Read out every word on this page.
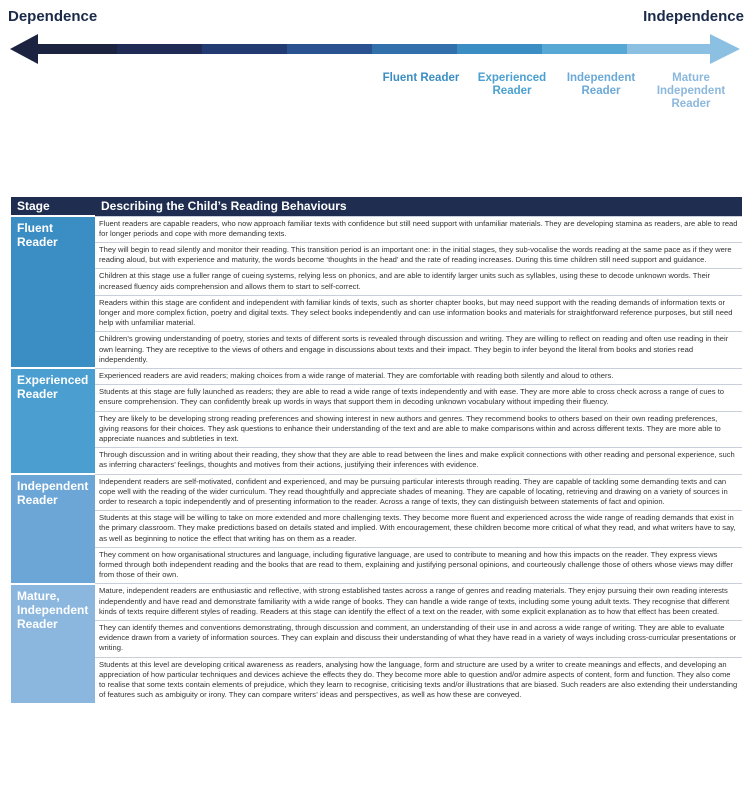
Dependence	Independence
Fluent Reader	Experienced Reader
Independent Reader
Mature Independent Reader
Stage	Describing the Child’s Reading Behaviours
Fluent Reader	Fluent readers are capable readers, who now approach familiar texts with confidence but still need support with unfamiliar materials. They are developing stamina as readers, are able to read for longer periods and cope with more demanding texts.

They will begin to read silently and monitor their reading. This transition period is an important one: in the initial stages, they sub-vocalise the words reading at the same pace as if they were reading aloud, but with experience and maturity, the words become ‘thoughts in the head’ and the rate of reading increases. During this time children still need support and guidance.

Children at this stage use a fuller range of cueing systems, relying less on phonics, and are able to identify larger units such as syllables, using these to decode unknown words. Their increased fluency aids comprehension and allows them to start to self-correct.

Readers within this stage are confident and independent with familiar kinds of texts, such as shorter chapter books, but may need support with the reading demands of information texts or longer and more complex fiction, poetry and digital texts. They select books independently and can use information books and materials for straightforward reference purposes, but still need help with unfamiliar material.

Children’s growing understanding of poetry, stories and texts of different sorts is revealed through discussion and writing. They are willing to reflect on reading and often use reading in their own learning. They are receptive to the views of others and engage in discussions about texts and their impact. They begin to infer beyond the literal from books and stories read independently.

Experienced Reader	Experienced readers are avid readers; making choices from a wide range of material. They are comfortable with reading both silently and aloud to others.

Students at this stage are fully launched as readers; they are able to read a wide range of texts independently and with ease. They are more able to cross check across a range of cues to ensure comprehension. They can confidently break up words in ways that support them in decoding unknown vocabulary without impeding their fluency.

They are likely to be developing strong reading preferences and showing interest in new authors and genres. They recommend books to others based on their own reading preferences, giving reasons for their choices. They ask questions to enhance their understanding of the text and are able to make comparisons within and across different texts. They are more able to appreciate nuances and subtleties in text.

Through discussion and in writing about their reading, they show that they are able to read between the lines and make explicit connections with other reading and personal experience, such as inferring characters’ feelings, thoughts and motives from their actions, justifying their inferences with evidence.

Independent Reader	Independent readers are self-motivated, confident and experienced, and may be pursuing particular interests through reading. They are capable of tackling some demanding texts and can cope well with the reading of the wider curriculum. They read thoughtfully and appreciate shades of meaning. They are capable of locating, retrieving and drawing on a variety of sources in order to research a topic independently and of presenting information to the reader. Across a range of texts, they can distinguish between statements of fact and opinion.

Students at this stage will be willing to take on more extended and more challenging texts. They become more fluent and experienced across the wide range of reading demands that exist in the primary classroom. They make predictions based on details stated and implied. With encouragement, these children become more critical of what they read, and what writers have to say, as well as beginning to notice the effect that writing has on them as a reader.

They comment on how organisational structures and language, including figurative language, are used to contribute to meaning and how this impacts on the reader. They express views formed through both independent reading and the books that are read to them, explaining and justifying personal opinions, and courteously challenge those of others whose views may differ from those of their own.

Mature, Independent Reader	Mature, independent readers are enthusiastic and reflective, with strong established tastes across a range of genres and reading materials. They enjoy pursuing their own reading interests independently and have read and demonstrate familiarity with a wide range of books. They can handle a wide range of texts, including some young adult texts. They recognise that different kinds of texts require different styles of reading. Readers at this stage can identify the effect of a text on the reader, with some explicit explanation as to how that effect has been created.

They can identify themes and conventions demonstrating, through discussion and comment, an understanding of their use in and across a wide range of writing. They are able to evaluate evidence drawn from a variety of information sources. They can explain and discuss their understanding of what they have read in a variety of ways including cross-curricular presentations or writing.

Students at this level are developing critical awareness as readers, analysing how the language, form and structure are used by a writer to create meanings and effects, and developing an appreciation of how particular techniques and devices achieve the effects they do. They become more able to question and/or admire aspects of content, form and function. They also come to realise that some texts contain elements of prejudice, which they learn to recognise, criticising texts and/or illustrations that are biased. Such readers are also extending their understanding of features such as ambiguity or irony. They can compare writers’ ideas and perspectives, as well as how these are conveyed.
